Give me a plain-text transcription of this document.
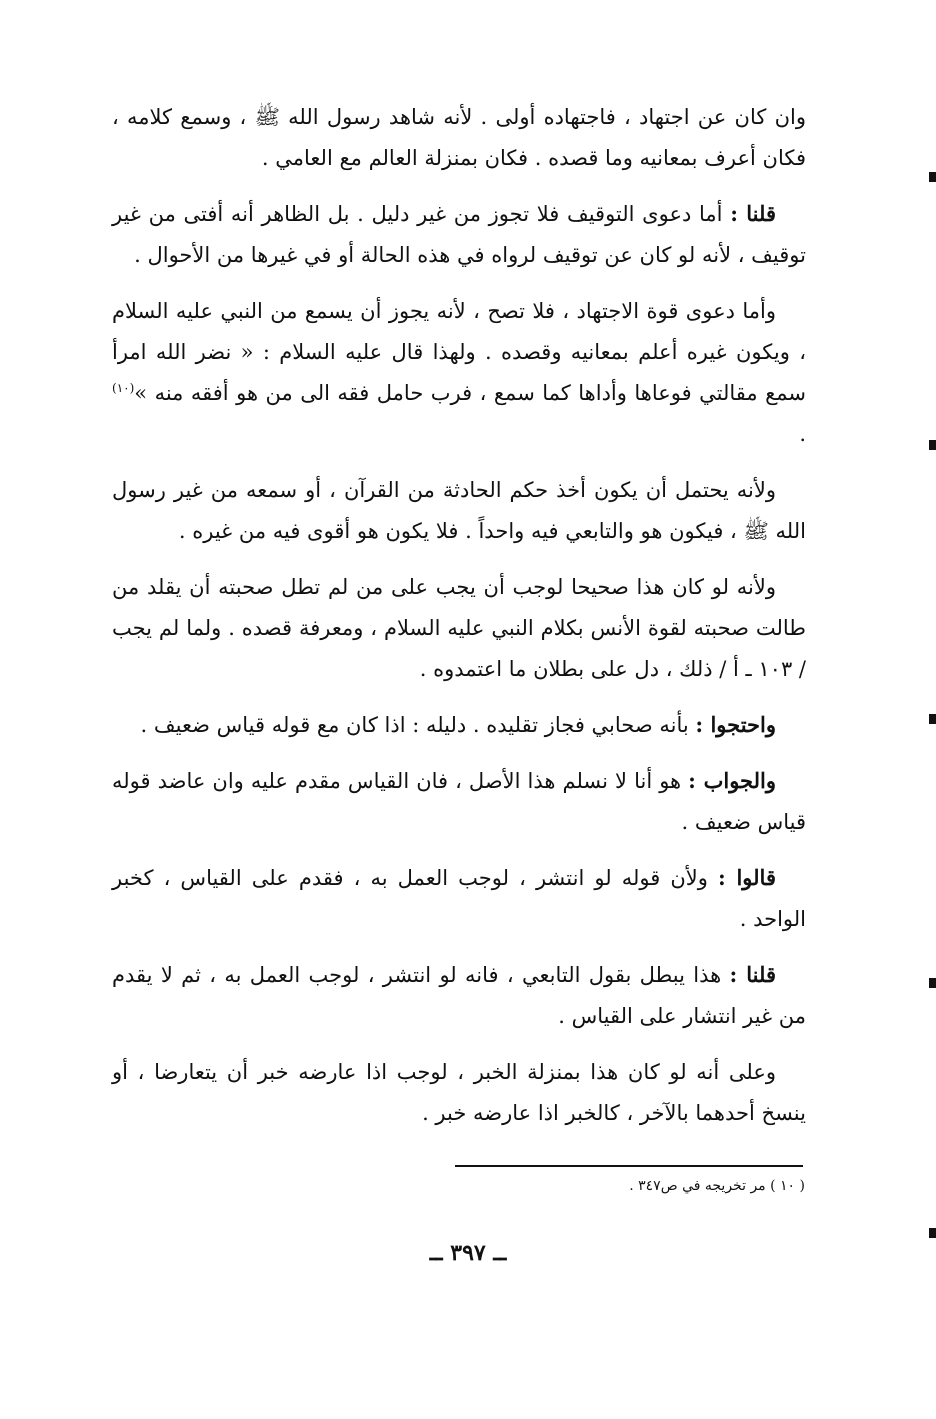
وان كان عن اجتهاد ، فاجتهاده أولى . لأنه شاهد رسول الله ﷺ ، وسمع كلامه ، فكان أعرف بمعانيه وما قصده . فكان بمنزلة العالم مع العامي .

قلنا : أما دعوى التوقيف فلا تجوز من غير دليل . بل الظاهر أنه أفتى من غير توقيف ، لأنه لو كان عن توقيف لرواه في هذه الحالة أو في غيرها من الأحوال .

وأما دعوى قوة الاجتهاد ، فلا تصح ، لأنه يجوز أن يسمع من النبي عليه السلام ، ويكون غيره أعلم بمعانيه وقصده . ولهذا قال عليه السلام : « نضر الله امرأ سمع مقالتي فوعاها وأداها كما سمع ، فرب حامل فقه الى من هو أفقه منه »$^{(١٠)}$ .

ولأنه يحتمل أن يكون أخذ حكم الحادثة من القرآن ، أو سمعه من غير رسول الله ﷺ ، فيكون هو والتابعي فيه واحداً . فلا يكون هو أقوى فيه من غيره .

ولأنه لو كان هذا صحيحا لوجب أن يجب على من لم تطل صحبته أن يقلد من طالت صحبته لقوة الأنس بكلام النبي عليه السلام ، ومعرفة قصده . ولما لم يجب / ١٠٣ ـ أ / ذلك ، دل على بطلان ما اعتمدوه .

واحتجوا : بأنه صحابي فجاز تقليده . دليله : اذا كان مع قوله قياس ضعيف .

والجواب : هو أنا لا نسلم هذا الأصل ، فان القياس مقدم عليه وان عاضد قوله قياس ضعيف .

قالوا : ولأن قوله لو انتشر ، لوجب العمل به ، فقدم على القياس ، كخبر الواحد .

قلنا : هذا يبطل بقول التابعي ، فانه لو انتشر ، لوجب العمل به ، ثم لا يقدم من غير انتشار على القياس .

وعلى أنه لو كان هذا بمنزلة الخبر ، لوجب اذا عارضه خبر أن يتعارضا ، أو ينسخ أحدهما بالآخر ، كالخبر اذا عارضه خبر .

( ١٠ ) مر تخريجه في ص٣٤٧ .
ــ ٣٩٧ ــ
